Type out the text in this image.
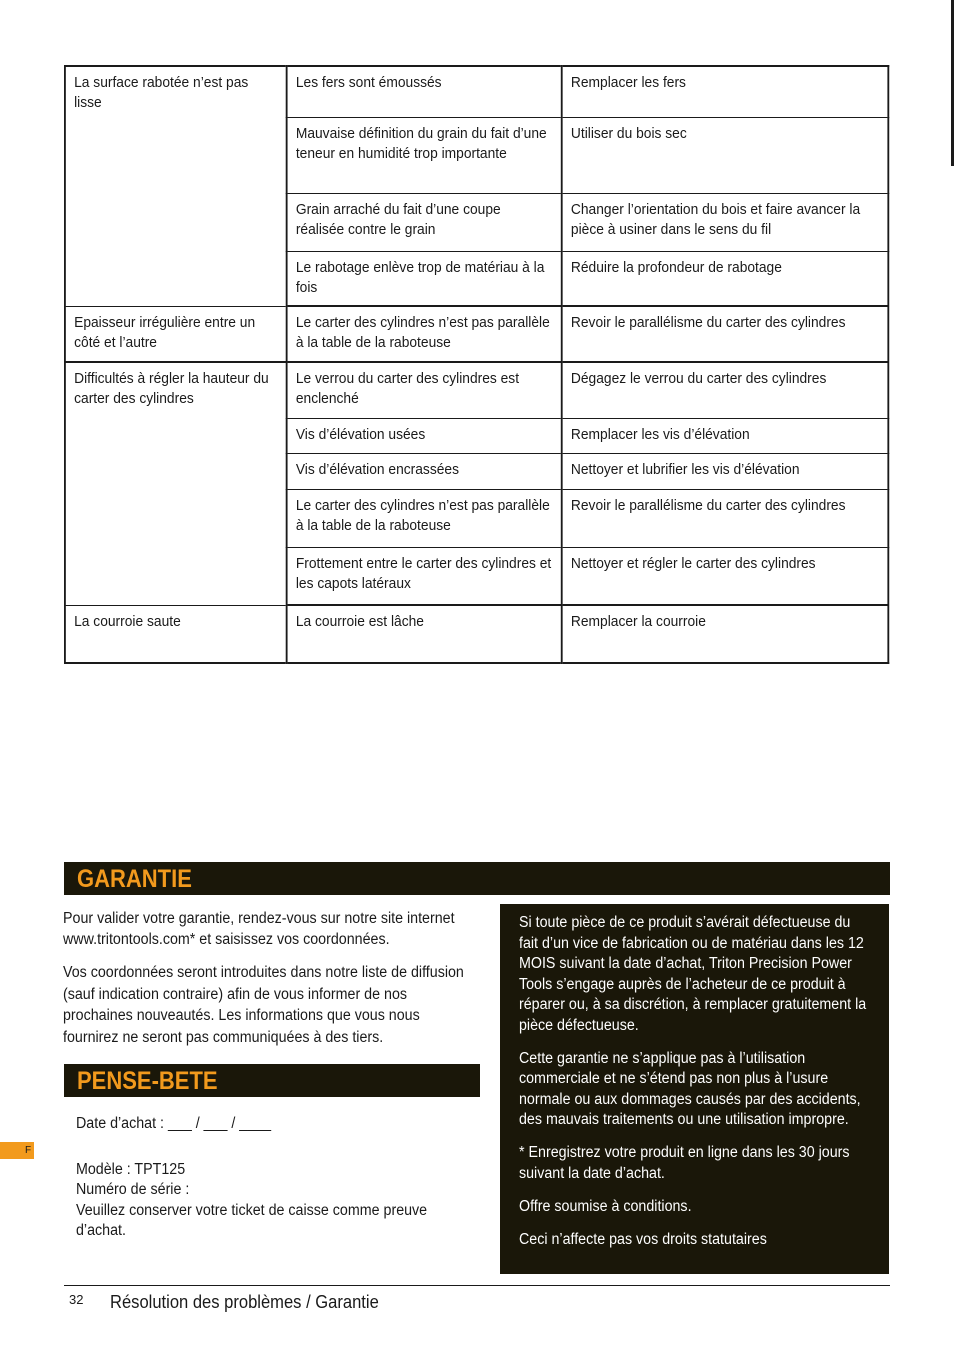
La surface rabotée n’est pas lisse	Les fers sont émoussés	Remplacer les fers
	Mauvaise définition du grain du fait d’une teneur en humidité trop importante	Utiliser du bois sec
	Grain arraché du fait d’une coupe réalisée contre le grain	Changer l’orientation du bois et faire avancer la pièce à usiner dans le sens du fil
	Le rabotage enlève trop de matériau à la fois	Réduire la profondeur de rabotage
Epaisseur irrégulière entre un côté et l’autre	Le carter des cylindres n’est pas parallèle à la table de la raboteuse	Revoir le parallélisme du carter des cylindres
Difficultés à régler la hauteur du carter des cylindres	Le verrou du carter des cylindres est enclenché	Dégagez le verrou du carter des cylindres
	Vis d’élévation usées	Remplacer les vis d’élévation
	Vis d’élévation encrassées	Nettoyer et lubrifier les vis d’élévation
	Le carter des cylindres n’est pas parallèle à la table de la raboteuse	Revoir le parallélisme du carter des cylindres
	Frottement entre le carter des cylindres et les capots latéraux	Nettoyer et régler le carter des cylindres
La courroie saute	La courroie est lâche	Remplacer la courroie
GARANTIE

Pour valider votre garantie, rendez-vous sur notre site internet www.tritontools.com* et saisissez vos coordonnées.

Vos coordonnées seront introduites dans notre liste de diffusion (sauf indication contraire) afin de vous informer de nos prochaines nouveautés. Les informations que vous nous fournirez ne seront pas communiquées à des tiers.

Si toute pièce de ce produit s’avérait défectueuse du fait d’un vice de fabrication ou de matériau dans les 12 MOIS suivant la date d’achat, Triton Precision Power Tools s’engage auprès de l’acheteur de ce produit à réparer ou, à sa discrétion, à remplacer gratuitement la pièce défectueuse.

Cette garantie ne s’applique pas à l’utilisation commerciale et ne s’étend pas non plus à l’usure normale ou aux dommages causés par des accidents, des mauvais traitements ou une utilisation impropre.

* Enregistrez votre produit en ligne dans les 30 jours suivant la date d’achat.

Offre soumise à conditions.

Ceci n’affecte pas vos droits statutaires

PENSE-BETE

Date d’achat : ___ / ___ / ____

Modèle : TPT125

Numéro de série :

Veuillez conserver votre ticket de caisse comme preuve d’achat.

F
32 Résolution des problèmes / Garantie
